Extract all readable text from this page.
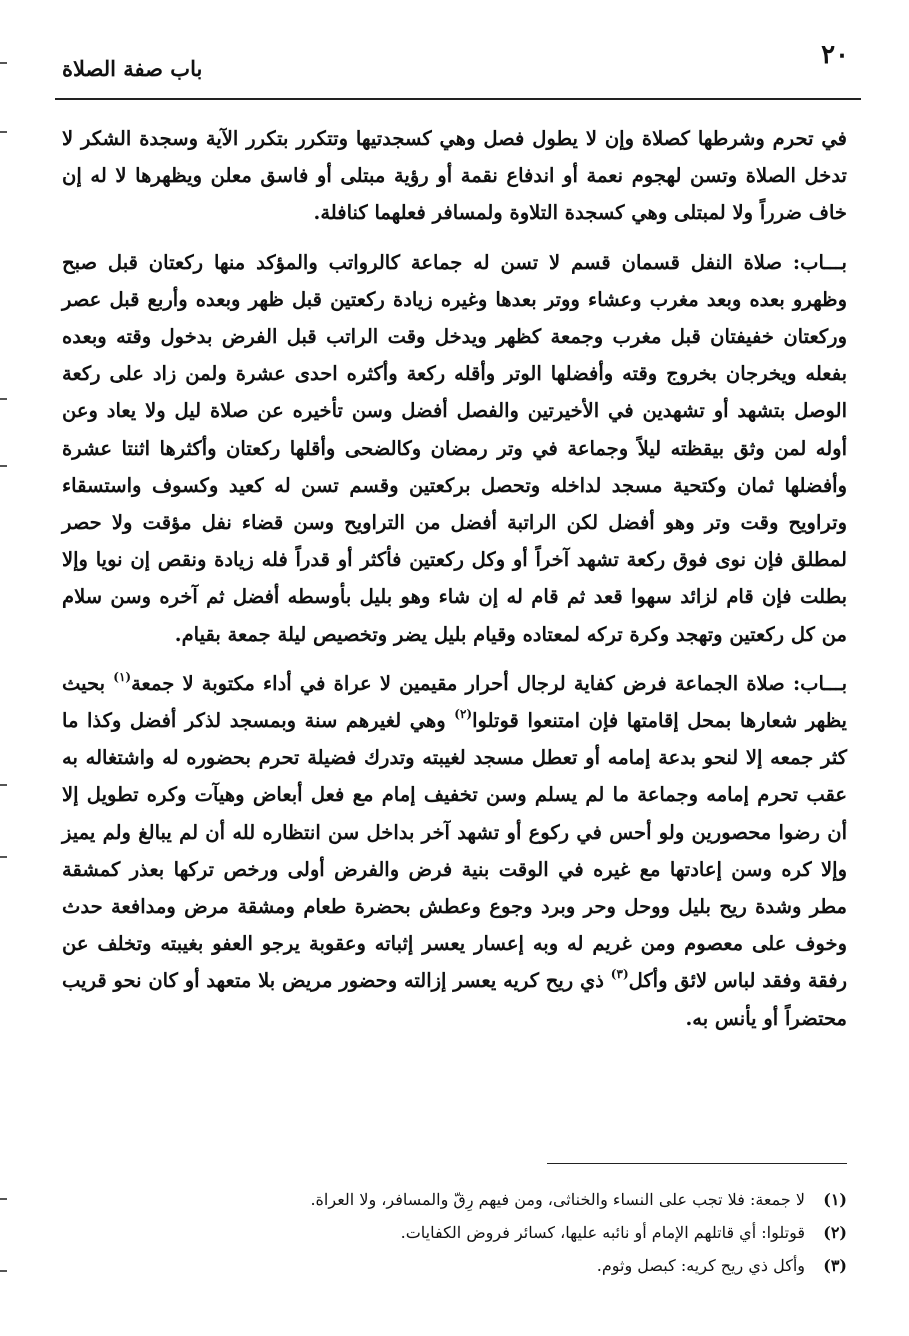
٢٠
باب صفة الصلاة

في تحرم وشرطها كصلاة وإن لا يطول فصل وهي كسجدتيها وتتكرر بتكرر الآية وسجدة الشكر لا تدخل الصلاة وتسن لهجوم نعمة أو اندفاع نقمة أو رؤية مبتلى أو فاسق معلن ويظهرها لا له إن خاف ضرراً ولا لمبتلى وهي كسجدة التلاوة ولمسافر فعلهما كنافلة.

بـــاب: صلاة النفل قسمان قسم لا تسن له جماعة كالرواتب والمؤكد منها ركعتان قبل صبح وظهرو بعده وبعد مغرب وعشاء ووتر بعدها وغيره زيادة ركعتين قبل ظهر وبعده وأربع قبل عصر وركعتان خفيفتان قبل مغرب وجمعة كظهر ويدخل وقت الراتب قبل الفرض بدخول وقته وبعده بفعله ويخرجان بخروج وقته وأفضلها الوتر وأقله ركعة وأكثره احدى عشرة ولمن زاد على ركعة الوصل بتشهد أو تشهدين في الأخيرتين والفصل أفضل وسن تأخيره عن صلاة ليل ولا يعاد وعن أوله لمن وثق بيقظته ليلاً وجماعة في وتر رمضان وكالضحى وأقلها ركعتان وأكثرها اثنتا عشرة وأفضلها ثمان وكتحية مسجد لداخله وتحصل بركعتين وقسم تسن له كعيد وكسوف واستسقاء وتراويح وقت وتر وهو أفضل لكن الراتبة أفضل من التراويح وسن قضاء نفل مؤقت ولا حصر لمطلق فإن نوى فوق ركعة تشهد آخراً أو وكل ركعتين فأكثر أو قدراً فله زيادة ونقص إن نويا وإلا بطلت فإن قام لزائد سهوا قعد ثم قام له إن شاء وهو بليل بأوسطه أفضل ثم آخره وسن سلام من كل ركعتين وتهجد وكرة تركه لمعتاده وقيام بليل يضر وتخصيص ليلة جمعة بقيام.

بـــاب: صلاة الجماعة فرض كفاية لرجال أحرار مقيمين لا عراة في أداء مكتوبة لا جمعة$^{(١)}$ بحيث يظهر شعارها بمحل إقامتها فإن امتنعوا قوتلوا$^{(٢)}$ وهي لغيرهم سنة وبمسجد لذكر أفضل وكذا ما كثر جمعه إلا لنحو بدعة إمامه أو تعطل مسجد لغيبته وتدرك فضيلة تحرم بحضوره له واشتغاله به عقب تحرم إمامه وجماعة ما لم يسلم وسن تخفيف إمام مع فعل أبعاض وهيآت وكره تطويل إلا أن رضوا محصورين ولو أحس في ركوع أو تشهد آخر بداخل سن انتظاره لله أن لم يبالغ ولم يميز وإلا كره وسن إعادتها مع غيره في الوقت بنية فرض والفرض أولى ورخص تركها بعذر كمشقة مطر وشدة ريح بليل ووحل وحر وبرد وجوع وعطش بحضرة طعام ومشقة مرض ومدافعة حدث وخوف على معصوم ومن غريم له وبه إعسار يعسر إثباته وعقوبة يرجو العفو بغيبته وتخلف عن رفقة وفقد لباس لائق وأكل$^{(٣)}$ ذي ريح كريه يعسر إزالته وحضور مريض بلا متعهد أو كان نحو قريب محتضراً أو يأنس به.

(١)
لا جمعة: فلا تجب على النساء والخناثى، ومن فيهم رِقّ والمسافر، ولا العراة.
(٢)
قوتلوا: أي قاتلهم الإمام أو نائبه عليها، كسائر فروض الكفايات.
(٣)
وأكل ذي ريح كريه: كبصل وثوم.
